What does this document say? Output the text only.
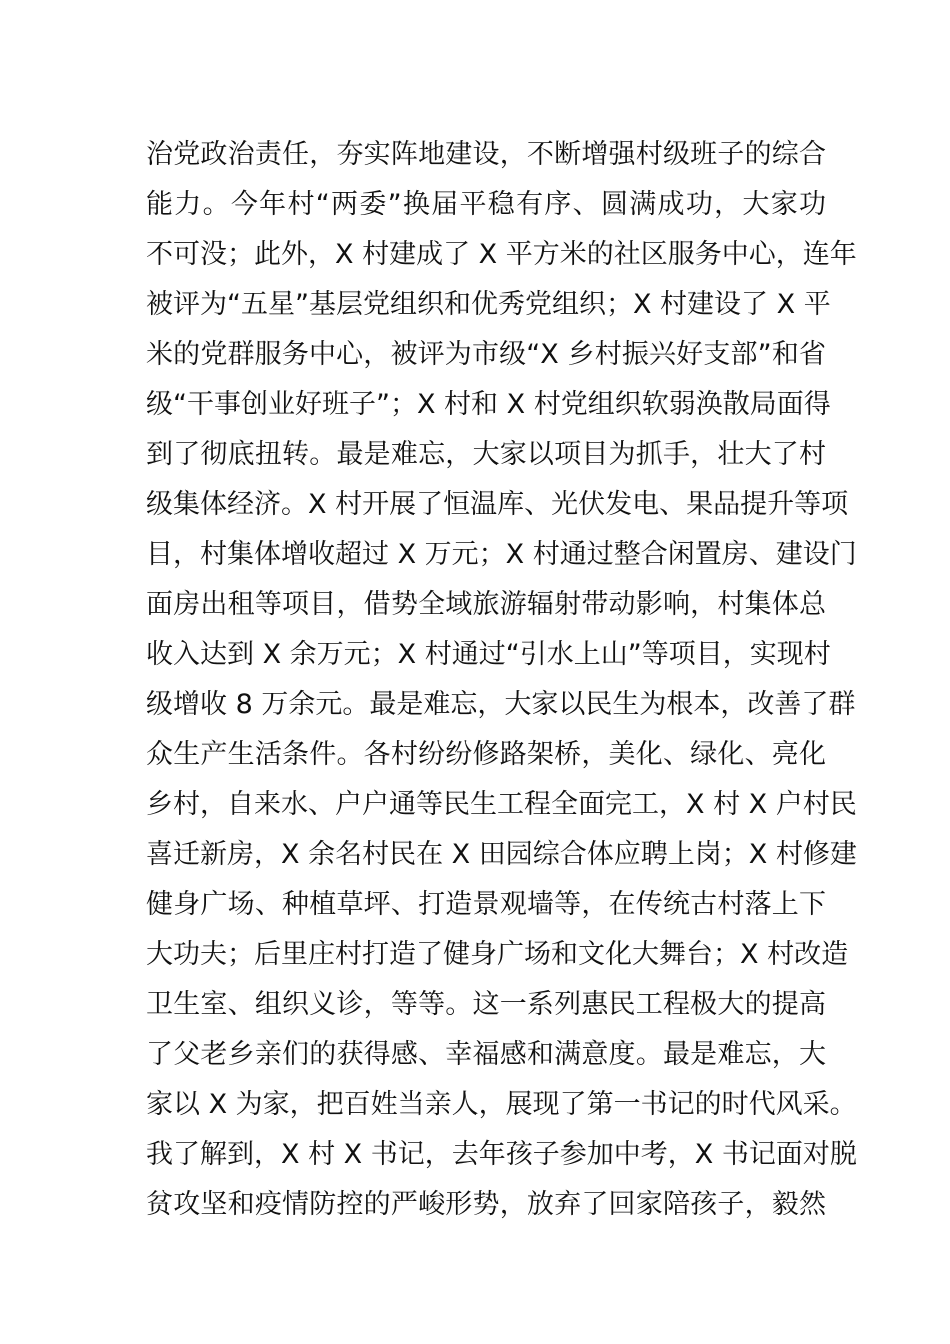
治党政治责任，夯实阵地建设，不断增强村级班子的综合
能力。今年村“两委”换届平稳有序、圆满成功，大家功
不可没；此外，X 村建成了 X 平方米的社区服务中心，连年
被评为“五星”基层党组织和优秀党组织；X 村建设了 X 平
米的党群服务中心，被评为市级“X 乡村振兴好支部”和省
级“干事创业好班子”；X 村和 X 村党组织软弱涣散局面得
到了彻底扭转。最是难忘，大家以项目为抓手，壮大了村
级集体经济。X 村开展了恒温库、光伏发电、果品提升等项
目，村集体增收超过 X 万元；X 村通过整合闲置房、建设门
面房出租等项目，借势全域旅游辐射带动影响，村集体总
收入达到 X 余万元；X 村通过“引水上山”等项目，实现村
级增收 8 万余元。最是难忘，大家以民生为根本，改善了群
众生产生活条件。各村纷纷修路架桥，美化、绿化、亮化
乡村，自来水、户户通等民生工程全面完工，X 村 X 户村民
喜迁新房，X 余名村民在 X 田园综合体应聘上岗；X 村修建
健身广场、种植草坪、打造景观墙等，在传统古村落上下
大功夫；后里庄村打造了健身广场和文化大舞台；X 村改造
卫生室、组织义诊，等等。这一系列惠民工程极大的提高
了父老乡亲们的获得感、幸福感和满意度。最是难忘，大
家以 X 为家，把百姓当亲人，展现了第一书记的时代风采。
我了解到，X 村 X 书记，去年孩子参加中考，X 书记面对脱
贫攻坚和疫情防控的严峻形势，放弃了回家陪孩子，毅然
